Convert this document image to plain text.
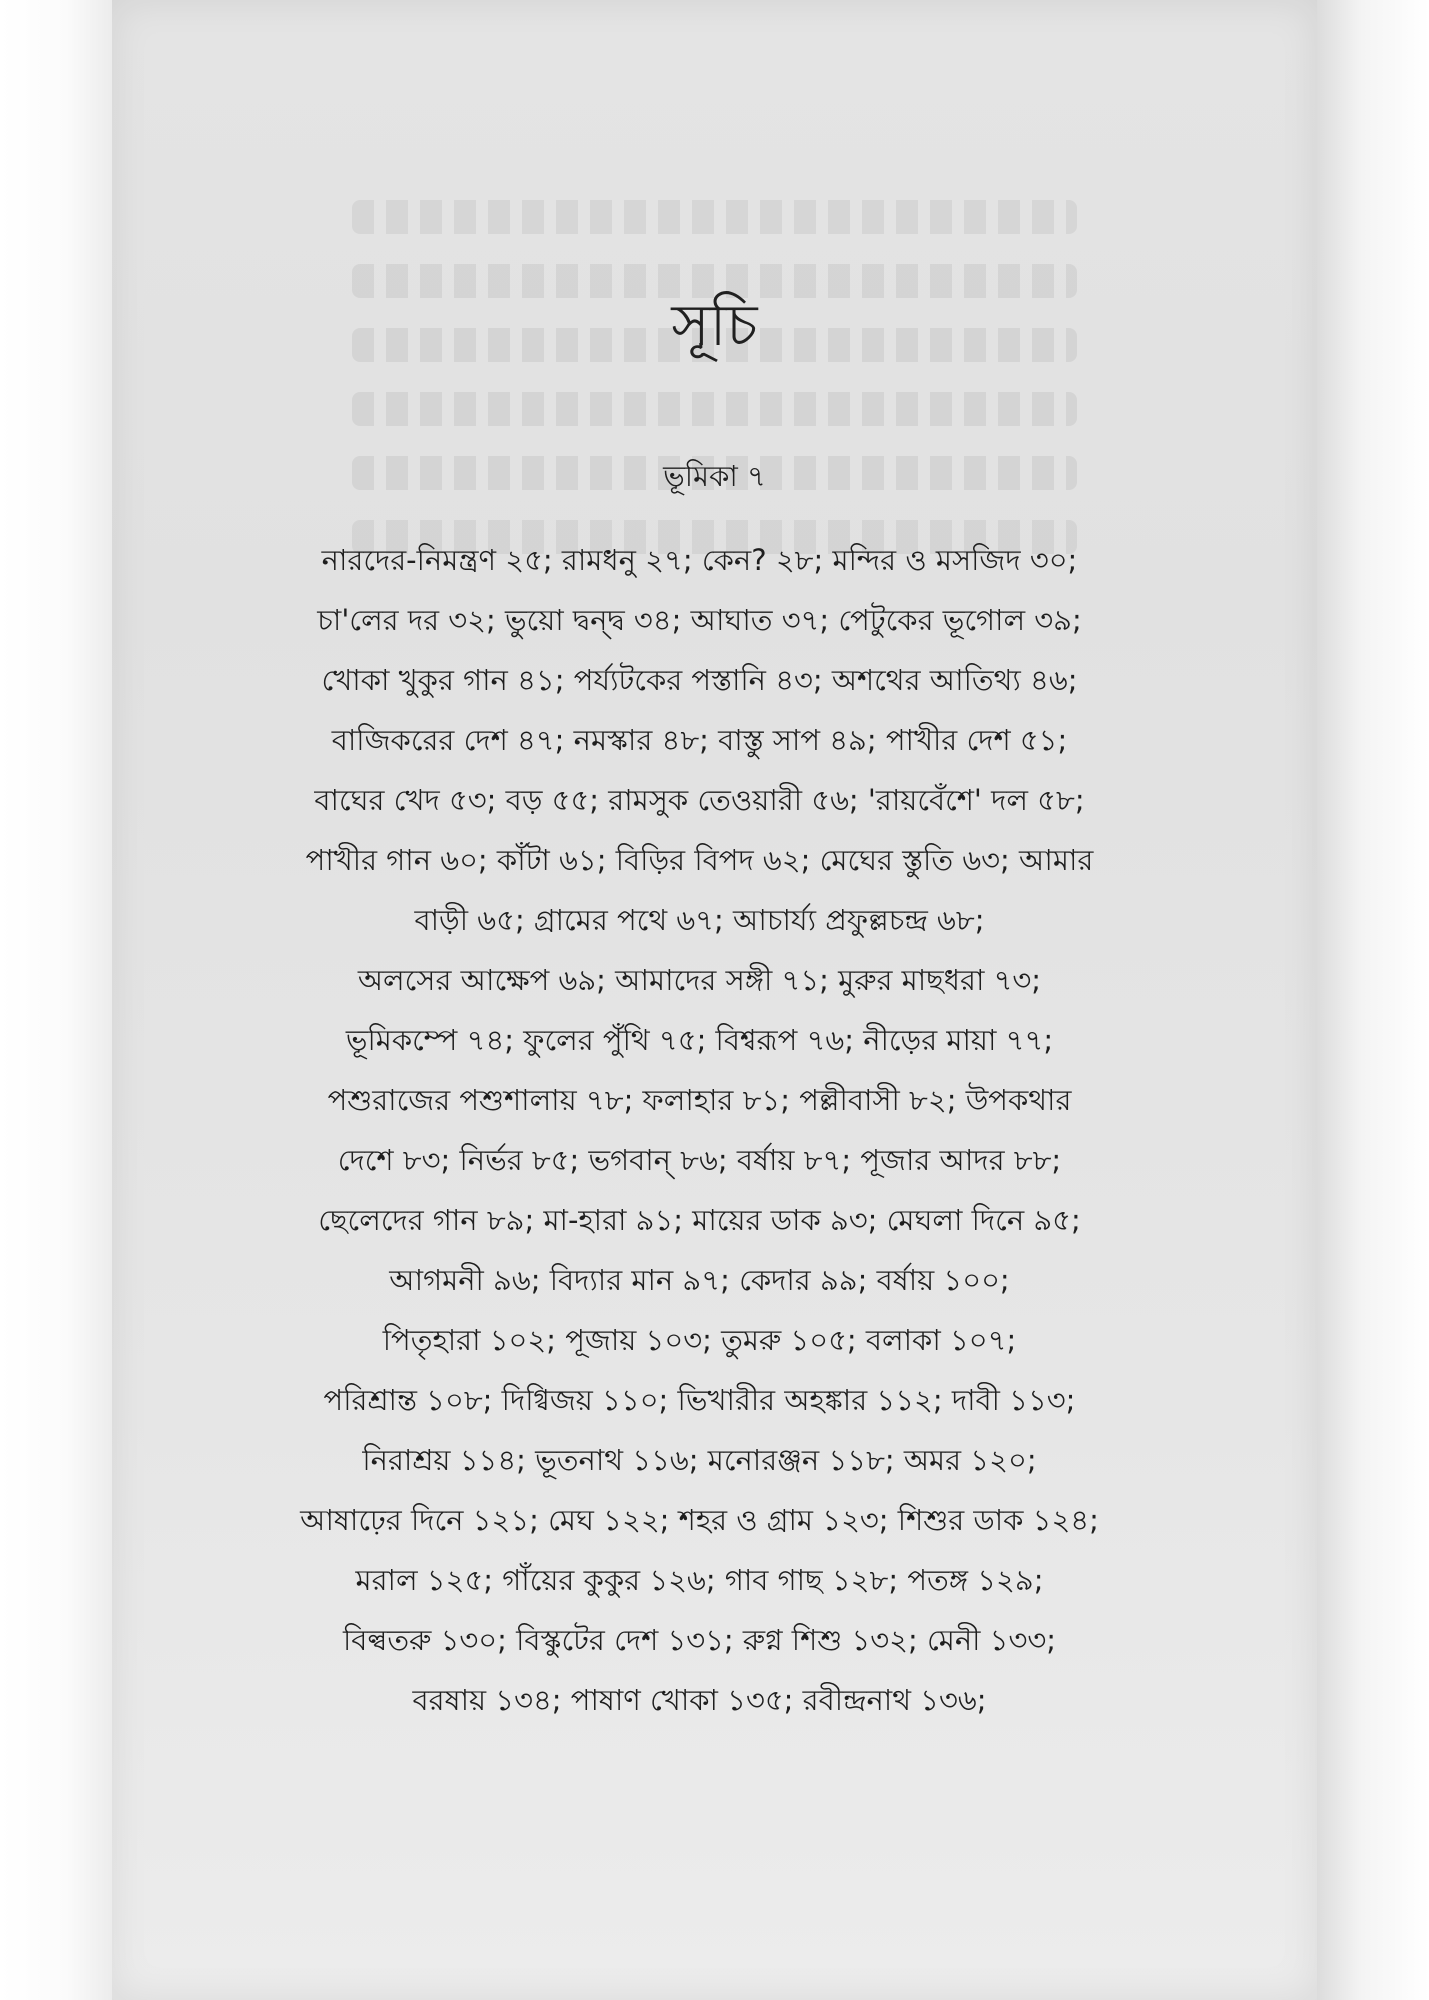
সূচি
ভূমিকা ৭
নারদের-নিমন্ত্রণ ২৫; রামধনু ২৭; কেন? ২৮; মন্দির ও মসজিদ ৩০;
চা'লের দর ৩২; ভুয়ো দ্বন্দ্ব ৩৪; আঘাত ৩৭; পেটুকের ভূগোল ৩৯;
খোকা খুকুর গান ৪১; পর্য্যটকের পস্তানি ৪৩; অশথের আতিথ্য ৪৬;
বাজিকরের দেশ ৪৭; নমস্কার ৪৮; বাস্তু সাপ ৪৯; পাখীর দেশ ৫১;
বাঘের খেদ ৫৩; বড় ৫৫; রামসুক তেওয়ারী ৫৬; 'রায়বেঁশে' দল ৫৮;
পাখীর গান ৬০; কাঁটা ৬১; বিড়ির বিপদ ৬২; মেঘের স্তুতি ৬৩; আমার
বাড়ী ৬৫; গ্রামের পথে ৬৭; আচার্য্য প্রফুল্লচন্দ্র ৬৮;
অলসের আক্ষেপ ৬৯; আমাদের সঙ্গী ৭১; মুরুর মাছধরা ৭৩;
ভূমিকম্পে ৭৪; ফুলের পুঁথি ৭৫; বিশ্বরূপ ৭৬; নীড়ের মায়া ৭৭;
পশুরাজের পশুশালায় ৭৮; ফলাহার ৮১; পল্লীবাসী ৮২; উপকথার
দেশে ৮৩; নির্ভর ৮৫; ভগবান্ ৮৬; বর্ষায় ৮৭; পূজার আদর ৮৮;
ছেলেদের গান ৮৯; মা-হারা ৯১; মায়ের ডাক ৯৩; মেঘলা দিনে ৯৫;
আগমনী ৯৬; বিদ্যার মান ৯৭; কেদার ৯৯; বর্ষায় ১০০;
পিতৃহারা ১০২; পূজায় ১০৩; তুমরু ১০৫; বলাকা ১০৭;
পরিশ্রান্ত ১০৮; দিগ্বিজয় ১১০; ভিখারীর অহঙ্কার ১১২; দাবী ১১৩;
নিরাশ্রয় ১১৪; ভূতনাথ ১১৬; মনোরঞ্জন ১১৮; অমর ১২০;
আষাঢ়ের দিনে ১২১; মেঘ ১২২; শহর ও গ্রাম ১২৩; শিশুর ডাক ১২৪;
মরাল ১২৫; গাঁয়ের কুকুর ১২৬; গাব গাছ ১২৮; পতঙ্গ ১২৯;
বিল্বতরু ১৩০; বিস্কুটের দেশ ১৩১; রুগ্ন শিশু ১৩২; মেনী ১৩৩;
বরষায় ১৩৪; পাষাণ খোকা ১৩৫; রবীন্দ্রনাথ ১৩৬;
